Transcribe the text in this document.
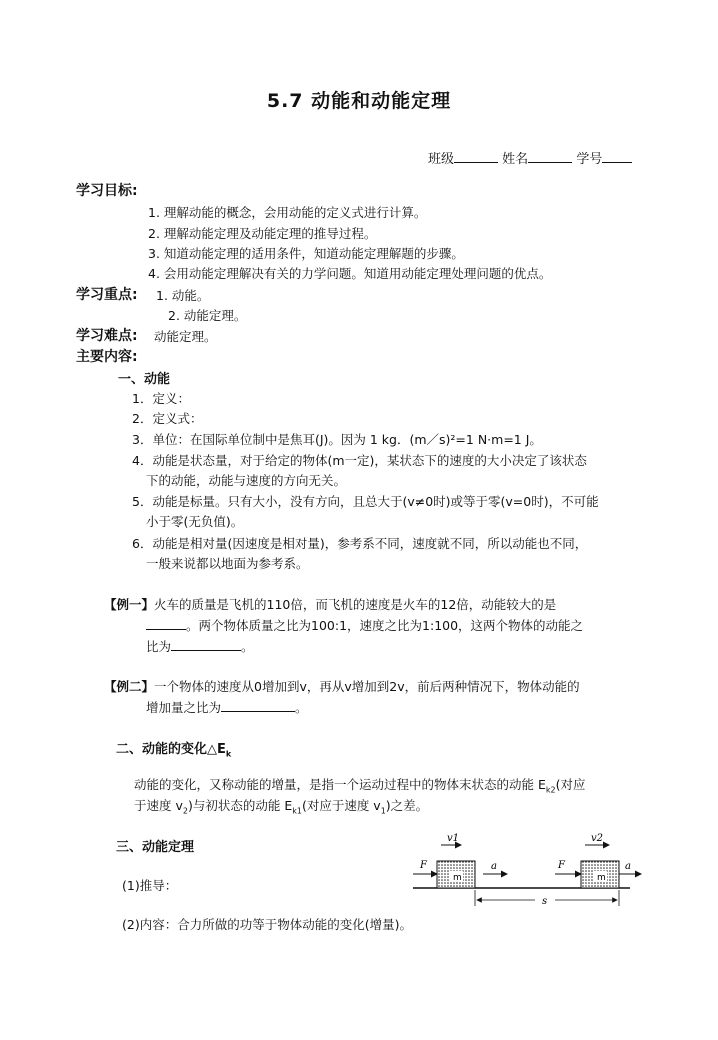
5.7 动能和动能定理
班级	姓名	学号
学习目标:
1. 理解动能的概念，会用动能的定义式进行计算。
2. 理解动能定理及动能定理的推导过程。
3. 知道动能定理的适用条件，知道动能定理解题的步骤。
4. 会用动能定理解决有关的力学问题。知道用动能定理处理问题的优点。
学习重点: 1. 动能。
2. 动能定理。
学习难点: 动能定理。
主要内容:
一、动能
1．定义：
2．定义式：
3．单位：在国际单位制中是焦耳(J)。因为 1 kg．(m／s)²=1 N·m=1 J。
4．动能是状态量，对于给定的物体(m一定)，某状态下的速度的大小决定了该状态
下的动能，动能与速度的方向无关。
5．动能是标量。只有大小，没有方向，且总大于(v≠0时)或等于零(v=0时)，不可能
小于零(无负值)。
6．动能是相对量(因速度是相对量)，参考系不同，速度就不同，所以动能也不同，
一般来说都以地面为参考系。
【例一】火车的质量是飞机的110倍，而飞机的速度是火车的12倍，动能较大的是
。两个物体质量之比为100:1，速度之比为1:100，这两个物体的动能之
比为	。
【例二】一个物体的速度从0增加到v，再从v增加到2v，前后两种情况下，物体动能的
增加量之比为	。
二、动能的变化$\triangle E_k$
动能的变化，又称动能的增量，是指一个运动过程中的物体末状态的动能 $E_{k2}$(对应
于速度 $v_2$)与初状态的动能 $E_{k1}$(对应于速度 $v_1$)之差。
三、动能定理
(1)推导：
(2)内容：合力所做的功等于物体动能的变化(增量)。
m
F
v1
a
m
F
v2
a
s
